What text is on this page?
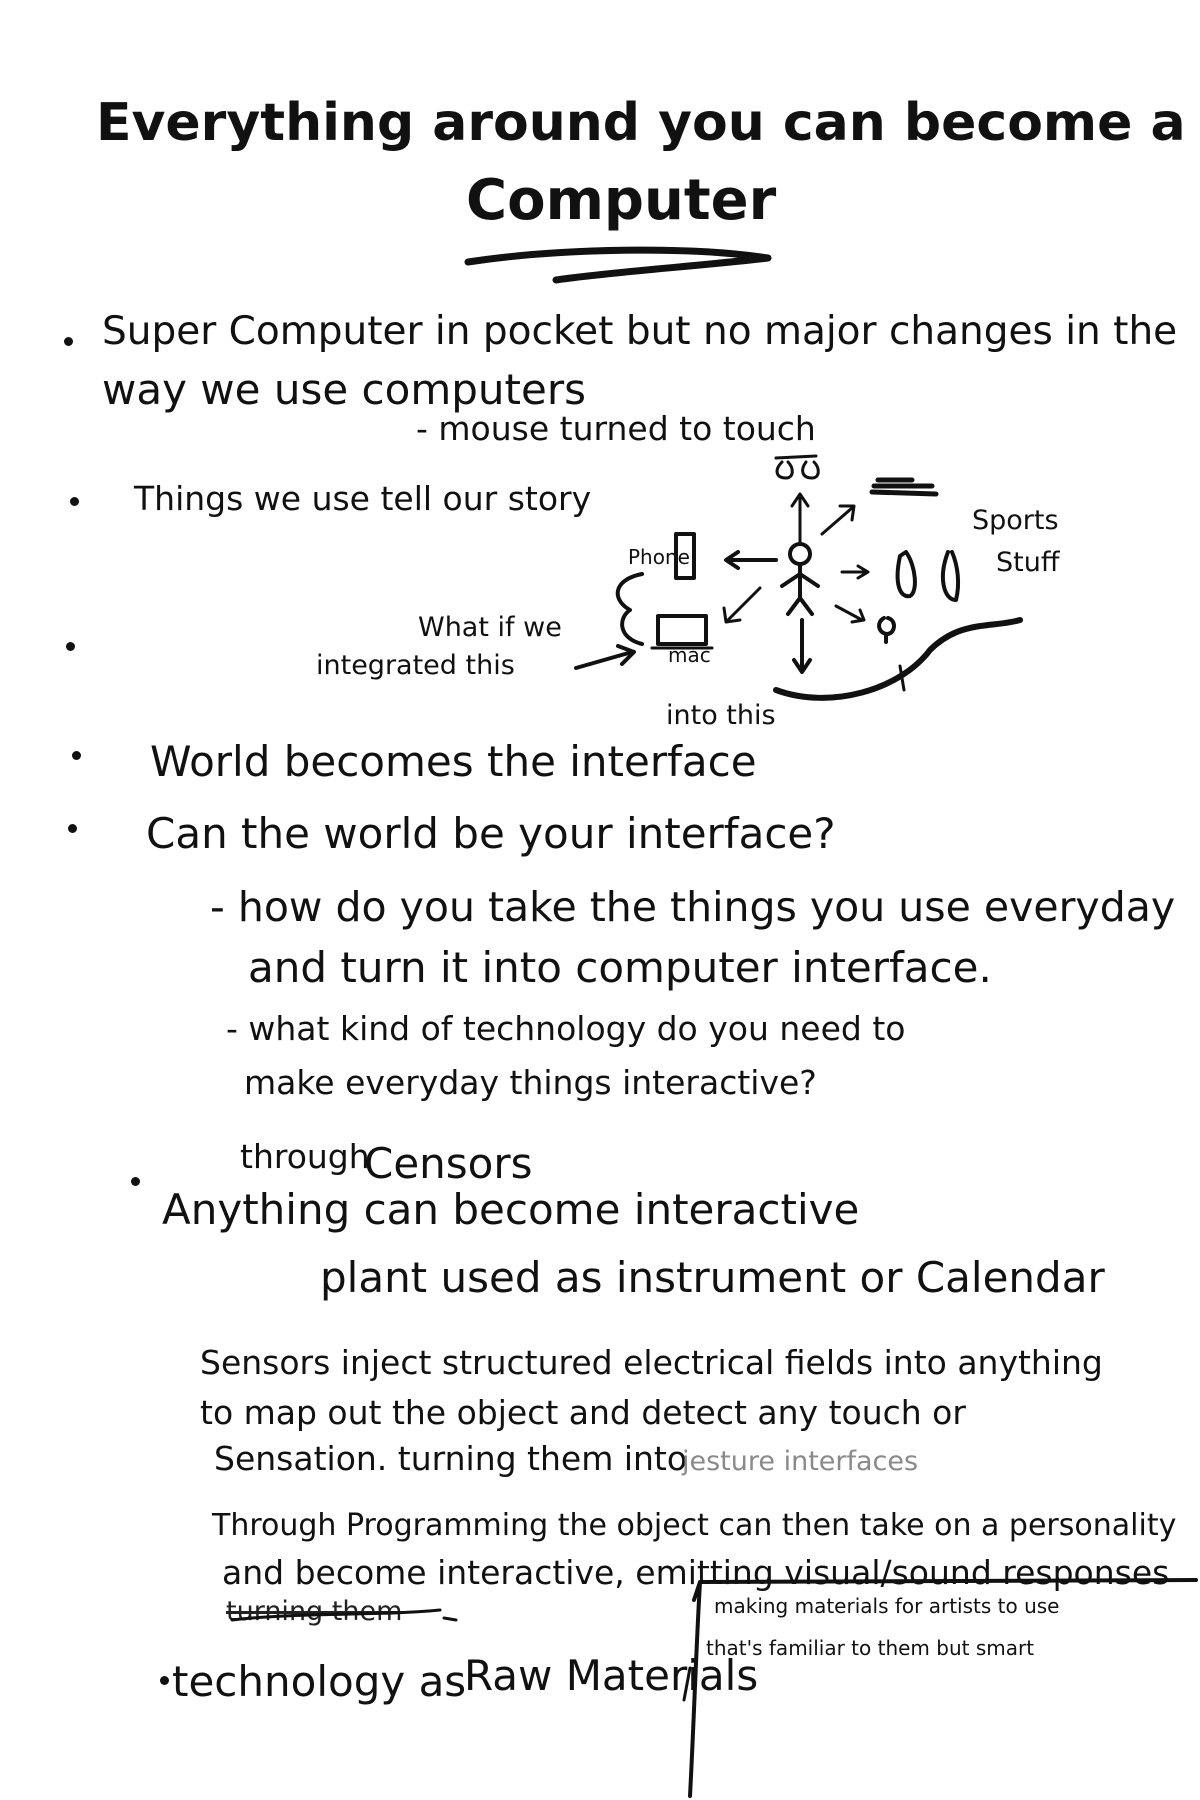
Everything around you can become a
Computer
Super Computer in pocket but no major changes in the
way we use computers
- mouse turned to touch
Things we use tell our story
Phone
mac
Sports
Stuff
What if we
integrated this
into this
World becomes the interface
Can the world be your interface?
- how do you take the things you use everyday
and turn it into computer interface.
- what kind of technology do you need to
make everyday things interactive?
through
Censors
Anything can become interactive
plant used as instrument or Calendar
Sensors inject structured electrical fields into anything
to map out the object and detect any touch or
Sensation. turning them into
jesture interfaces
Through Programming the object can then take on a personality
and become interactive, emitting visual/sound responses
turning them
technology as
Raw Materials
making materials for artists to use
that's familiar to them but smart
